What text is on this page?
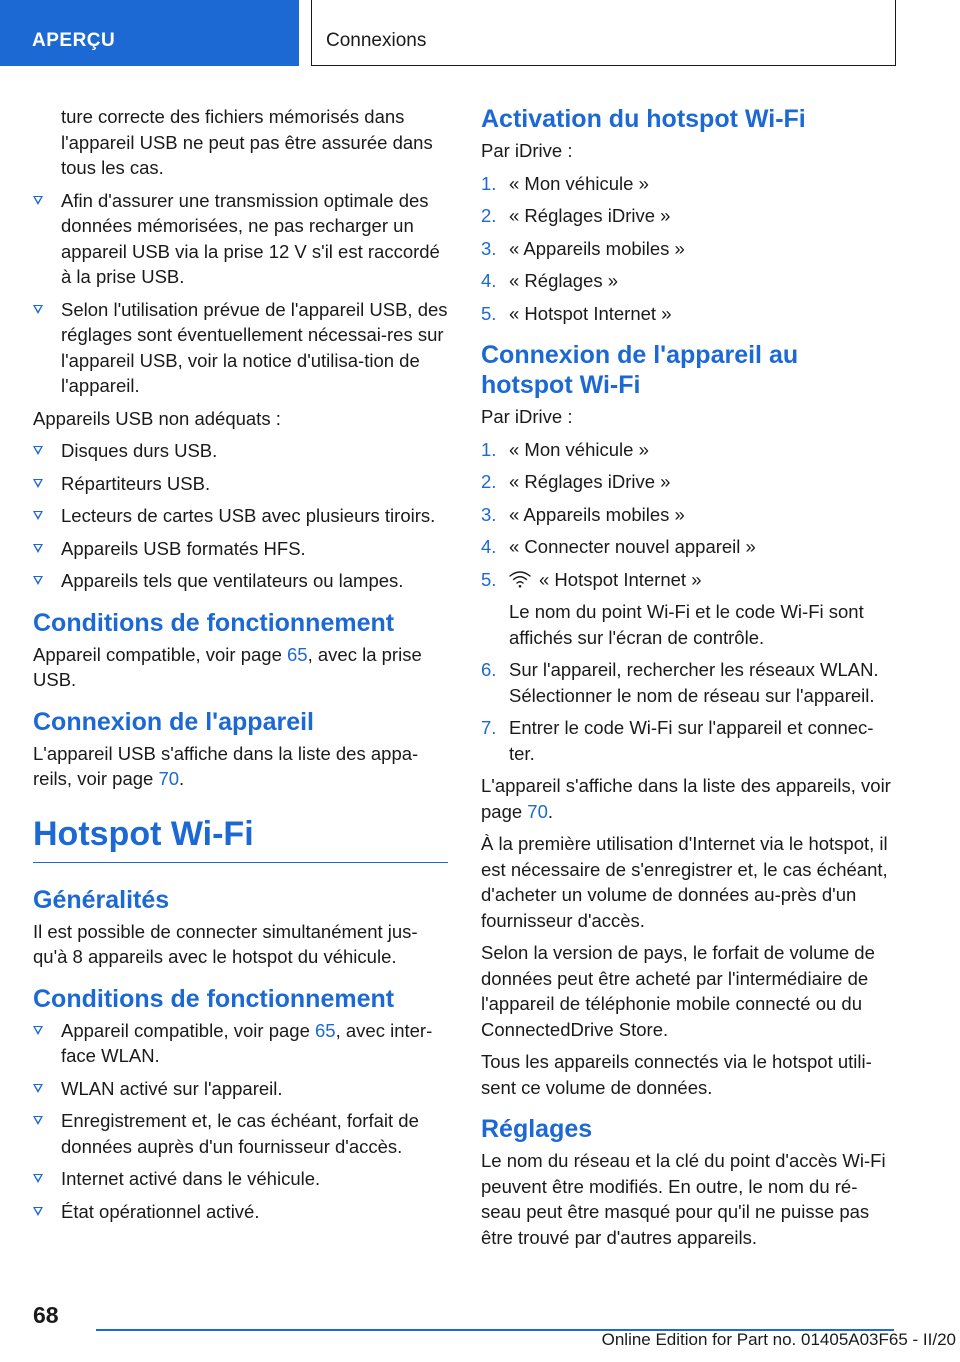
APERÇU	Connexions

ture correcte des fichiers mémorisés dans l'appareil USB ne peut pas être assurée dans tous les cas.

Afin d'assurer une transmission optimale des données mémorisées, ne pas recharger un appareil USB via la prise 12 V s'il est raccordé à la prise USB.
Selon l'utilisation prévue de l'appareil USB, des réglages sont éventuellement nécessai-res sur l'appareil USB, voir la notice d'utilisa-tion de l'appareil.

Appareils USB non adéquats :

Disques durs USB.
Répartiteurs USB.
Lecteurs de cartes USB avec plusieurs tiroirs.
Appareils USB formatés HFS.
Appareils tels que ventilateurs ou lampes.
Conditions de fonctionnement

Appareil compatible, voir page 65, avec la prise USB.

Connexion de l'appareil

L'appareil USB s'affiche dans la liste des appa-reils, voir page 70.

Hotspot Wi-Fi
Généralités

Il est possible de connecter simultanément jus-qu'à 8 appareils avec le hotspot du véhicule.

Conditions de fonctionnement
Appareil compatible, voir page 65, avec inter-face WLAN.
WLAN activé sur l'appareil.
Enregistrement et, le cas échéant, forfait de données auprès d'un fournisseur d'accès.
Internet activé dans le véhicule.
État opérationnel activé.
Activation du hotspot Wi-Fi

Par iDrive :

1. « Mon véhicule »
2. « Réglages iDrive »
3. « Appareils mobiles »
4. « Réglages »
5. « Hotspot Internet »
Connexion de l'appareil au hotspot Wi-Fi

Par iDrive :

1. « Mon véhicule »
2. « Réglages iDrive »
3. « Appareils mobiles »
4. « Connecter nouvel appareil »
5. « Hotspot Internet »
Le nom du point Wi-Fi et le code Wi-Fi sont affichés sur l'écran de contrôle.
6. Sur l'appareil, rechercher les réseaux WLAN. Sélectionner le nom de réseau sur l'appareil.
7. Entrer le code Wi-Fi sur l'appareil et connec-ter.

L'appareil s'affiche dans la liste des appareils, voir page 70.

À la première utilisation d'Internet via le hotspot, il est nécessaire de s'enregistrer et, le cas échéant, d'acheter un volume de données au-près d'un fournisseur d'accès.

Selon la version de pays, le forfait de volume de données peut être acheté par l'intermédiaire de l'appareil de téléphonie mobile connecté ou du ConnectedDrive Store.

Tous les appareils connectés via le hotspot utili-sent ce volume de données.

Réglages

Le nom du réseau et la clé du point d'accès Wi-Fi peuvent être modifiés. En outre, le nom du ré-seau peut être masqué pour qu'il ne puisse pas être trouvé par d'autres appareils.

68
Online Edition for Part no. 01405A03F65 - II/20
